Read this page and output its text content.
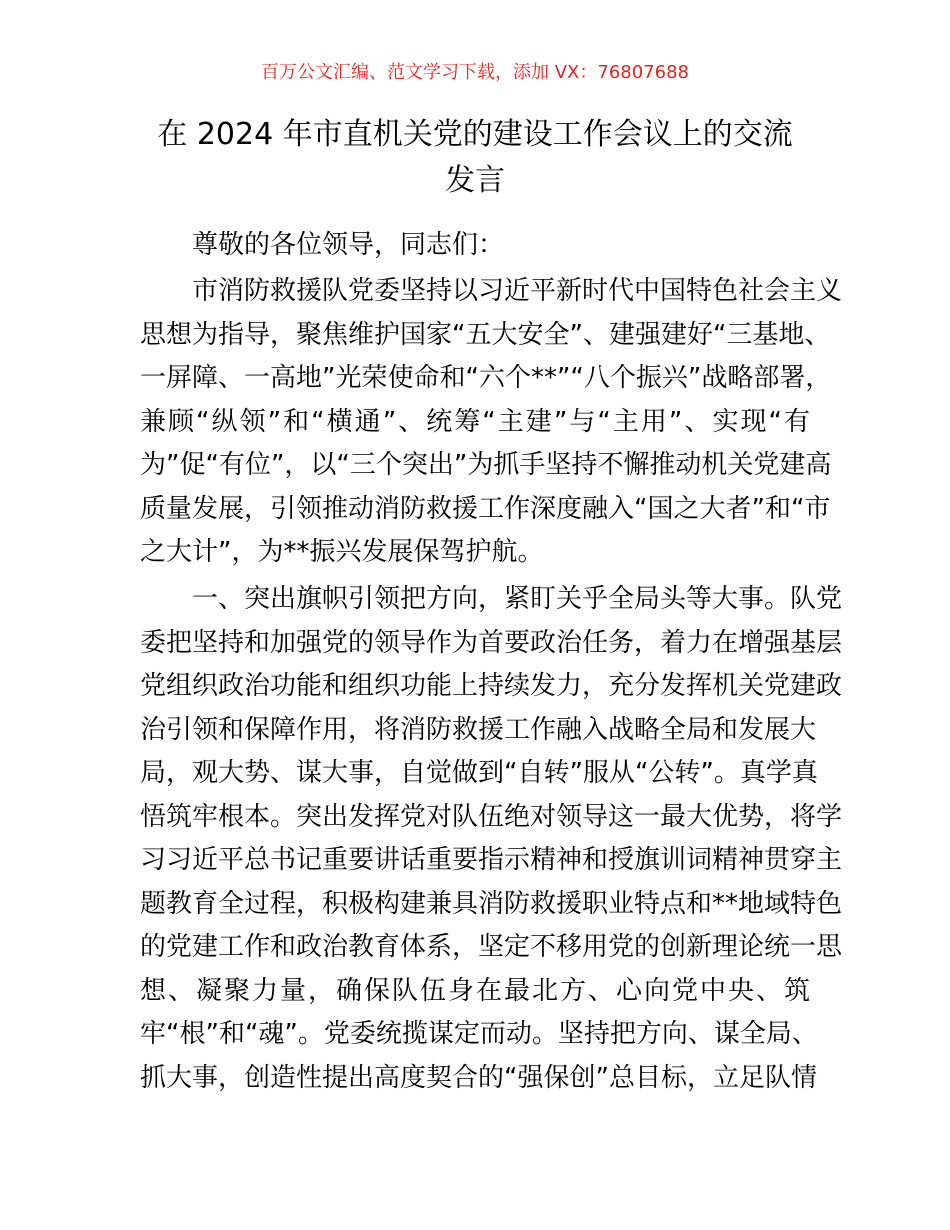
百万公文汇编、范文学习下载，添加 VX：76807688
在 2024 年市直机关党的建设工作会议上的交流
发言
尊敬的各位领导，同志们：
市消防救援队党委坚持以习近平新时代中国特色社会主义
思想为指导，聚焦维护国家“五大安全”、建强建好“三基地、
一屏障、一高地”光荣使命和“六个**”“八个振兴”战略部署，
兼顾“纵领”和“横通”、统筹“主建”与“主用”、实现“有
为”促“有位”，以“三个突出”为抓手坚持不懈推动机关党建高
质量发展，引领推动消防救援工作深度融入“国之大者”和“市
之大计”，为**振兴发展保驾护航。
一、突出旗帜引领把方向，紧盯关乎全局头等大事。队党
委把坚持和加强党的领导作为首要政治任务，着力在增强基层
党组织政治功能和组织功能上持续发力，充分发挥机关党建政
治引领和保障作用，将消防救援工作融入战略全局和发展大
局，观大势、谋大事，自觉做到“自转”服从“公转”。真学真
悟筑牢根本。突出发挥党对队伍绝对领导这一最大优势，将学
习习近平总书记重要讲话重要指示精神和授旗训词精神贯穿主
题教育全过程，积极构建兼具消防救援职业特点和**地域特色
的党建工作和政治教育体系，坚定不移用党的创新理论统一思
想、凝聚力量，确保队伍身在最北方、心向党中央、筑
牢“根”和“魂”。党委统揽谋定而动。坚持把方向、谋全局、
抓大事，创造性提出高度契合的“强保创”总目标，立足队情
